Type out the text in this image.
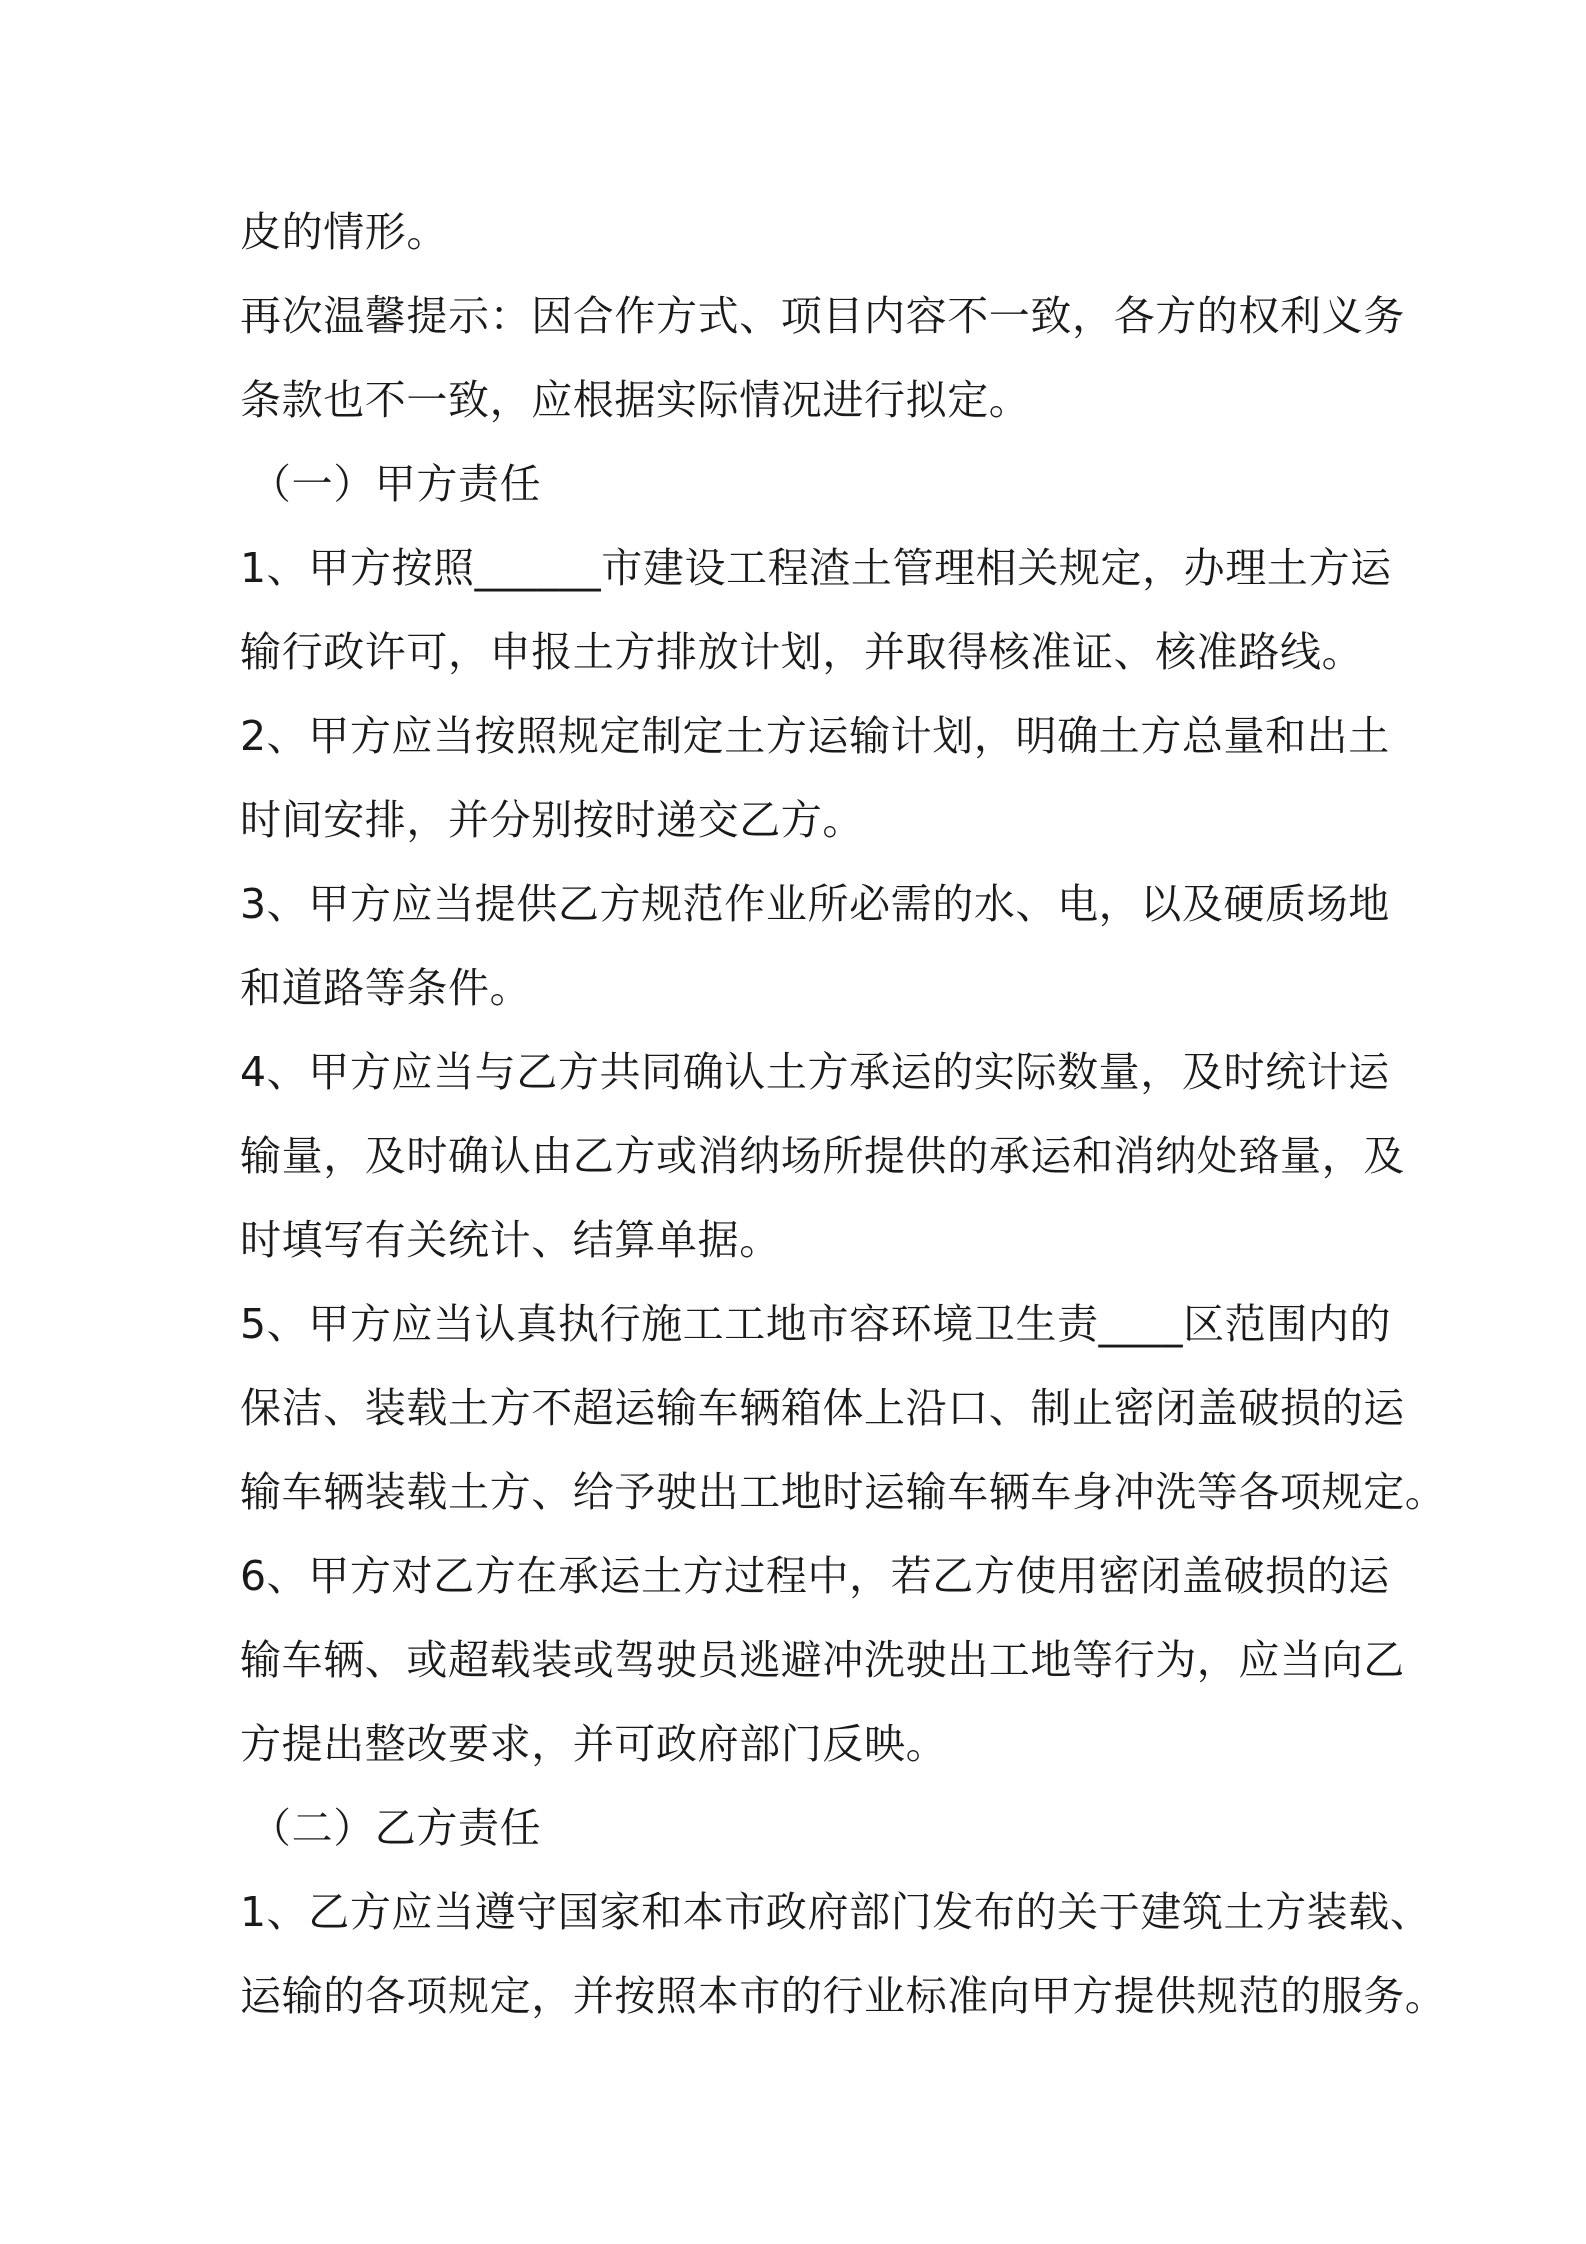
皮的情形。

再次温馨提示：因合作方式、项目内容不一致，各方的权利义务
条款也不一致，应根据实际情况进行拟定。

（一）甲方责任

1、甲方按照______市建设工程渣土管理相关规定，办理土方运
输行政许可，申报土方排放计划，并取得核准证、核准路线。

2、甲方应当按照规定制定土方运输计划，明确土方总量和出土
时间安排，并分别按时递交乙方。

3、甲方应当提供乙方规范作业所必需的水、电，以及硬质场地
和道路等条件。

4、甲方应当与乙方共同确认土方承运的实际数量，及时统计运
输量，及时确认由乙方或消纳场所提供的承运和消纳处臵量，及
时填写有关统计、结算单据。

5、甲方应当认真执行施工工地市容环境卫生责____区范围内的
保洁、装载土方不超运输车辆箱体上沿口、制止密闭盖破损的运
输车辆装载土方、给予驶出工地时运输车辆车身冲洗等各项规定。

6、甲方对乙方在承运土方过程中，若乙方使用密闭盖破损的运
输车辆、或超载装或驾驶员逃避冲洗驶出工地等行为，应当向乙
方提出整改要求，并可政府部门反映。

（二）乙方责任

1、乙方应当遵守国家和本市政府部门发布的关于建筑土方装载、
运输的各项规定，并按照本市的行业标准向甲方提供规范的服务。
